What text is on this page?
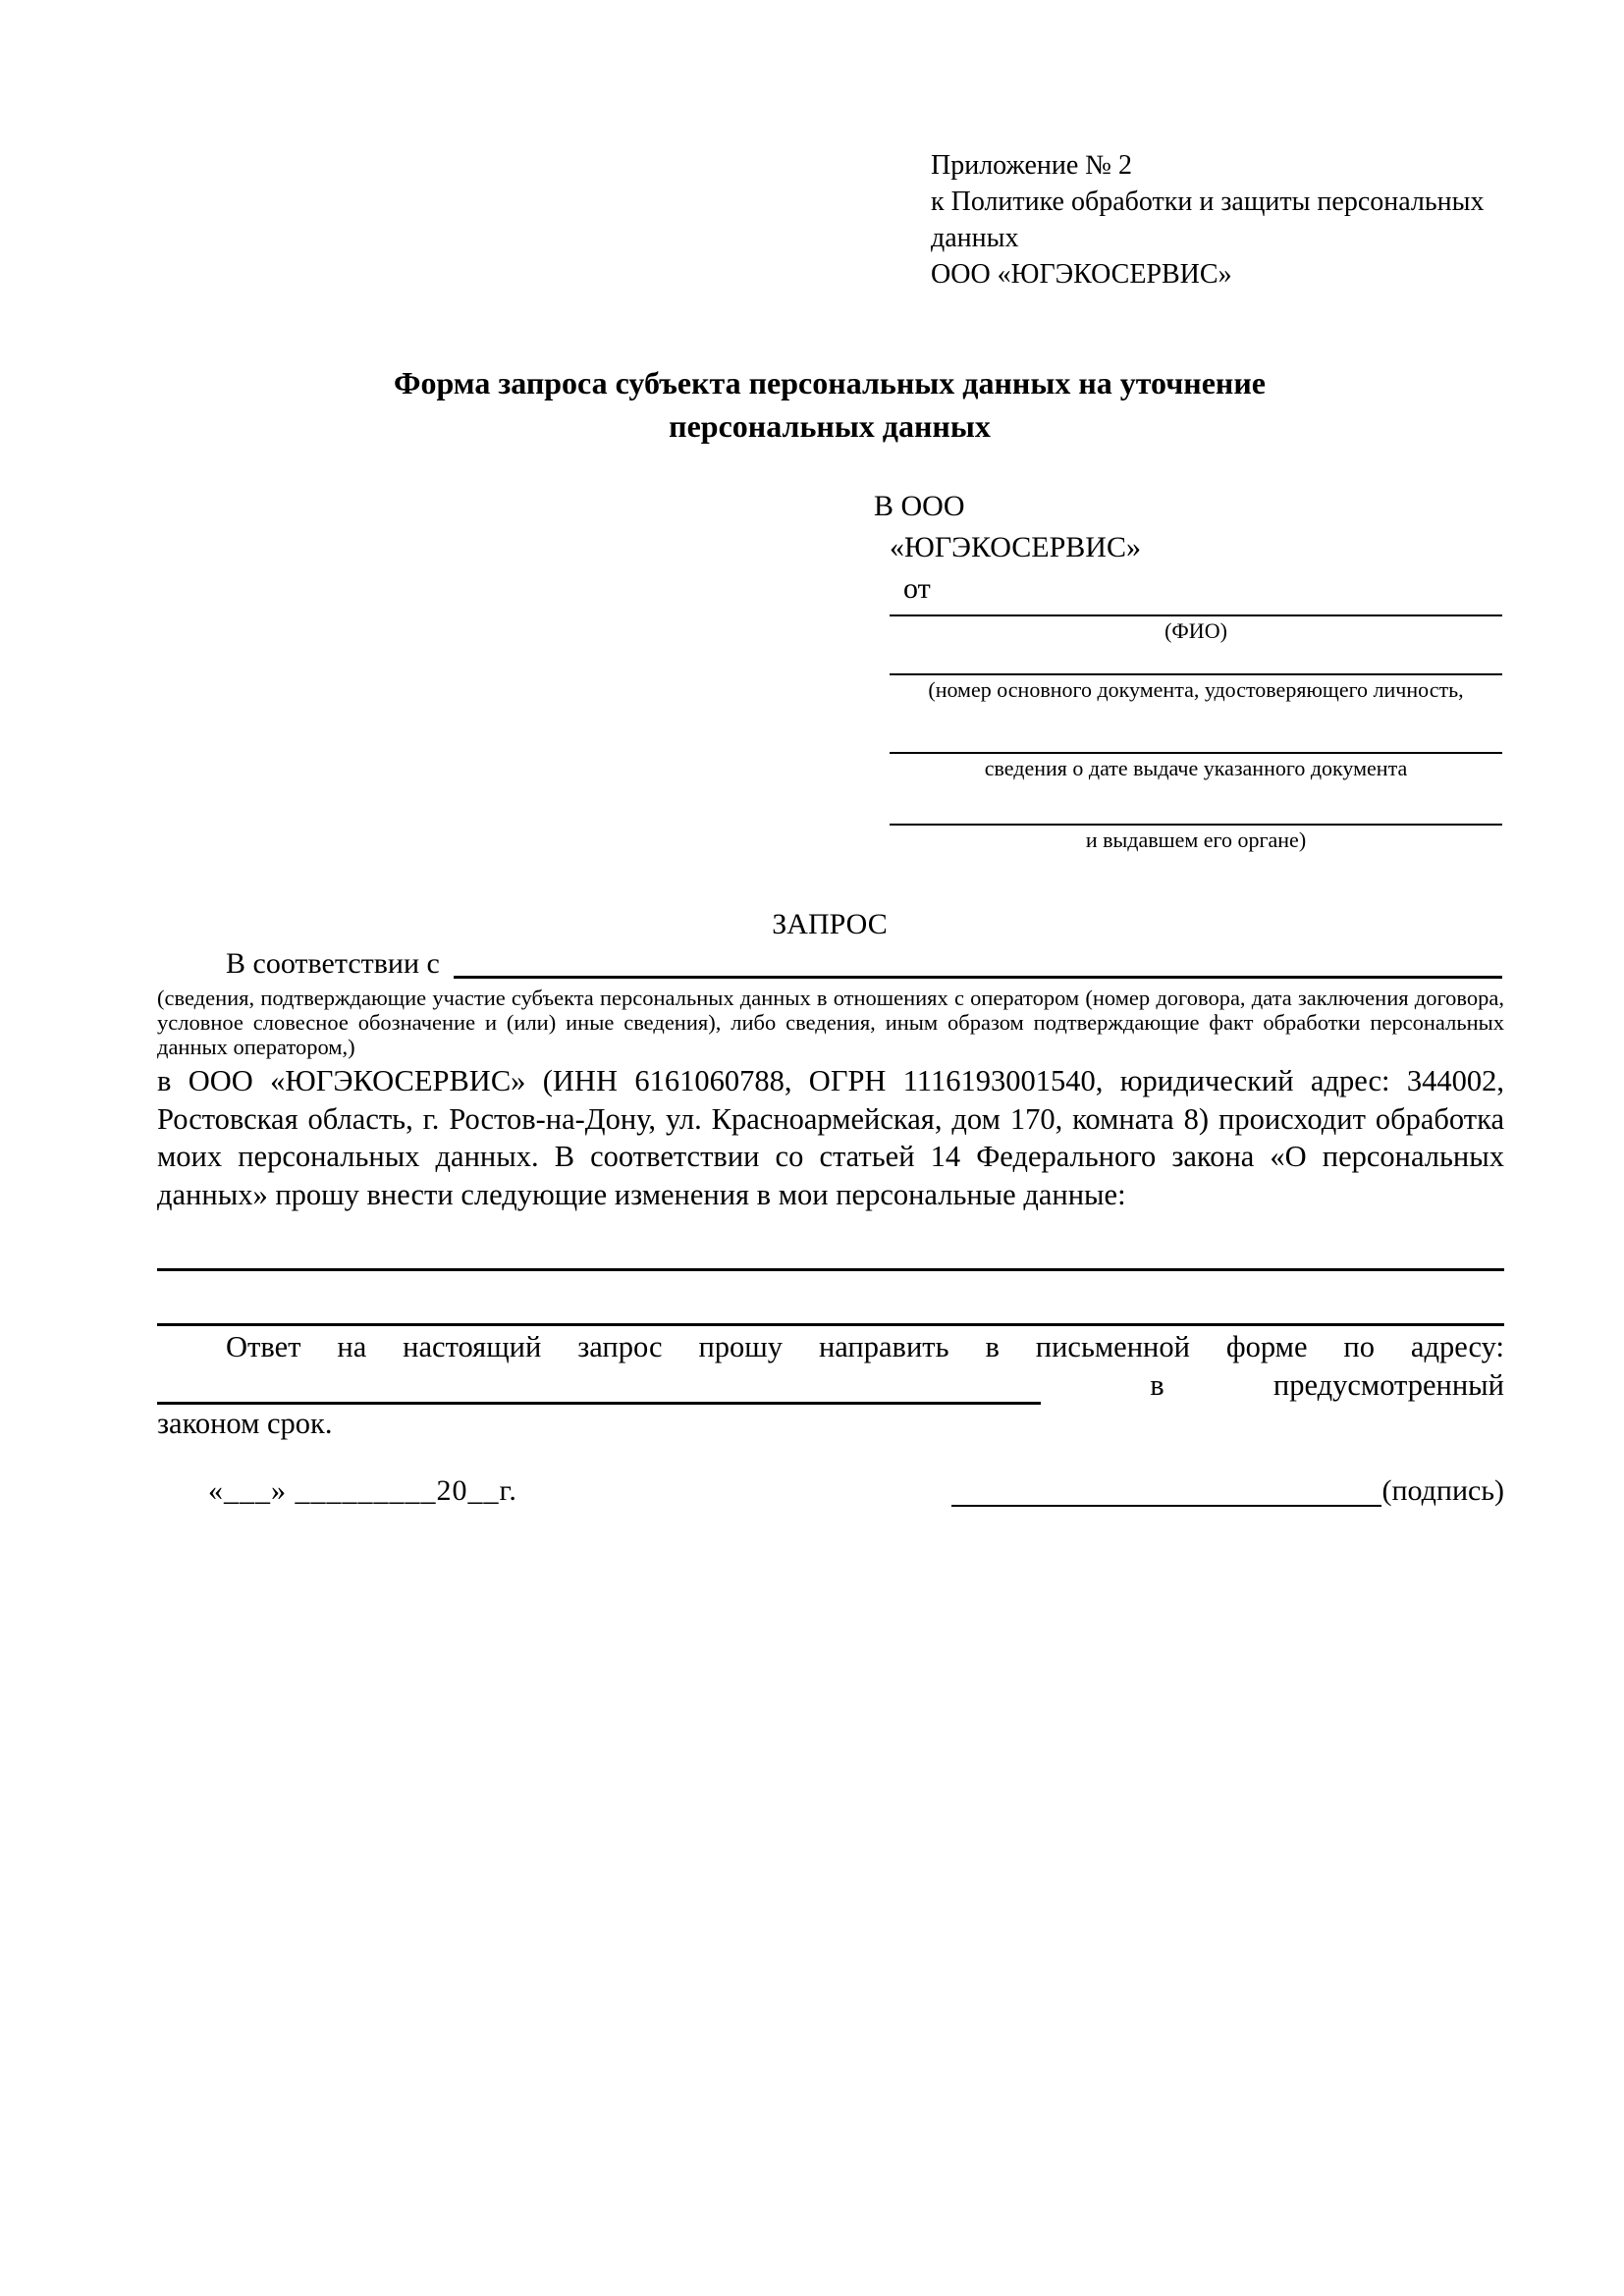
Приложение № 2
к Политике обработки и защиты персональных
данных
ООО «ЮГЭКОСЕРВИС»
Форма запроса субъекта персональных данных на уточнение
персональных данных
В ООО
«ЮГЭКОСЕРВИС»
от
(ФИО)
(номер основного документа, удостоверяющего личность,
сведения о дате выдаче указанного документа
и выдавшем его органе)
ЗАПРОС
В соответствии с
(сведения, подтверждающие участие субъекта персональных данных в отношениях с оператором (номер договора, дата заключения договора, условное словесное обозначение и (или) иные сведения), либо сведения, иным образом подтверждающие факт обработки персональных данных оператором,)
в ООО «ЮГЭКОСЕРВИС» (ИНН 6161060788, ОГРН 1116193001540, юридический адрес: 344002, Ростовская область, г. Ростов-на-Дону, ул. Красноармейская, дом 170, комната 8) происходит обработка моих персональных данных. В соответствии со статьей 14 Федерального закона «О персональных данных» прошу внести следующие изменения в мои персональные данные:
Ответ на настоящий запрос прошу направить в письменной форме по адресу:
в	предусмотренный
законом срок.
«___» _________20__г.	(подпись)
